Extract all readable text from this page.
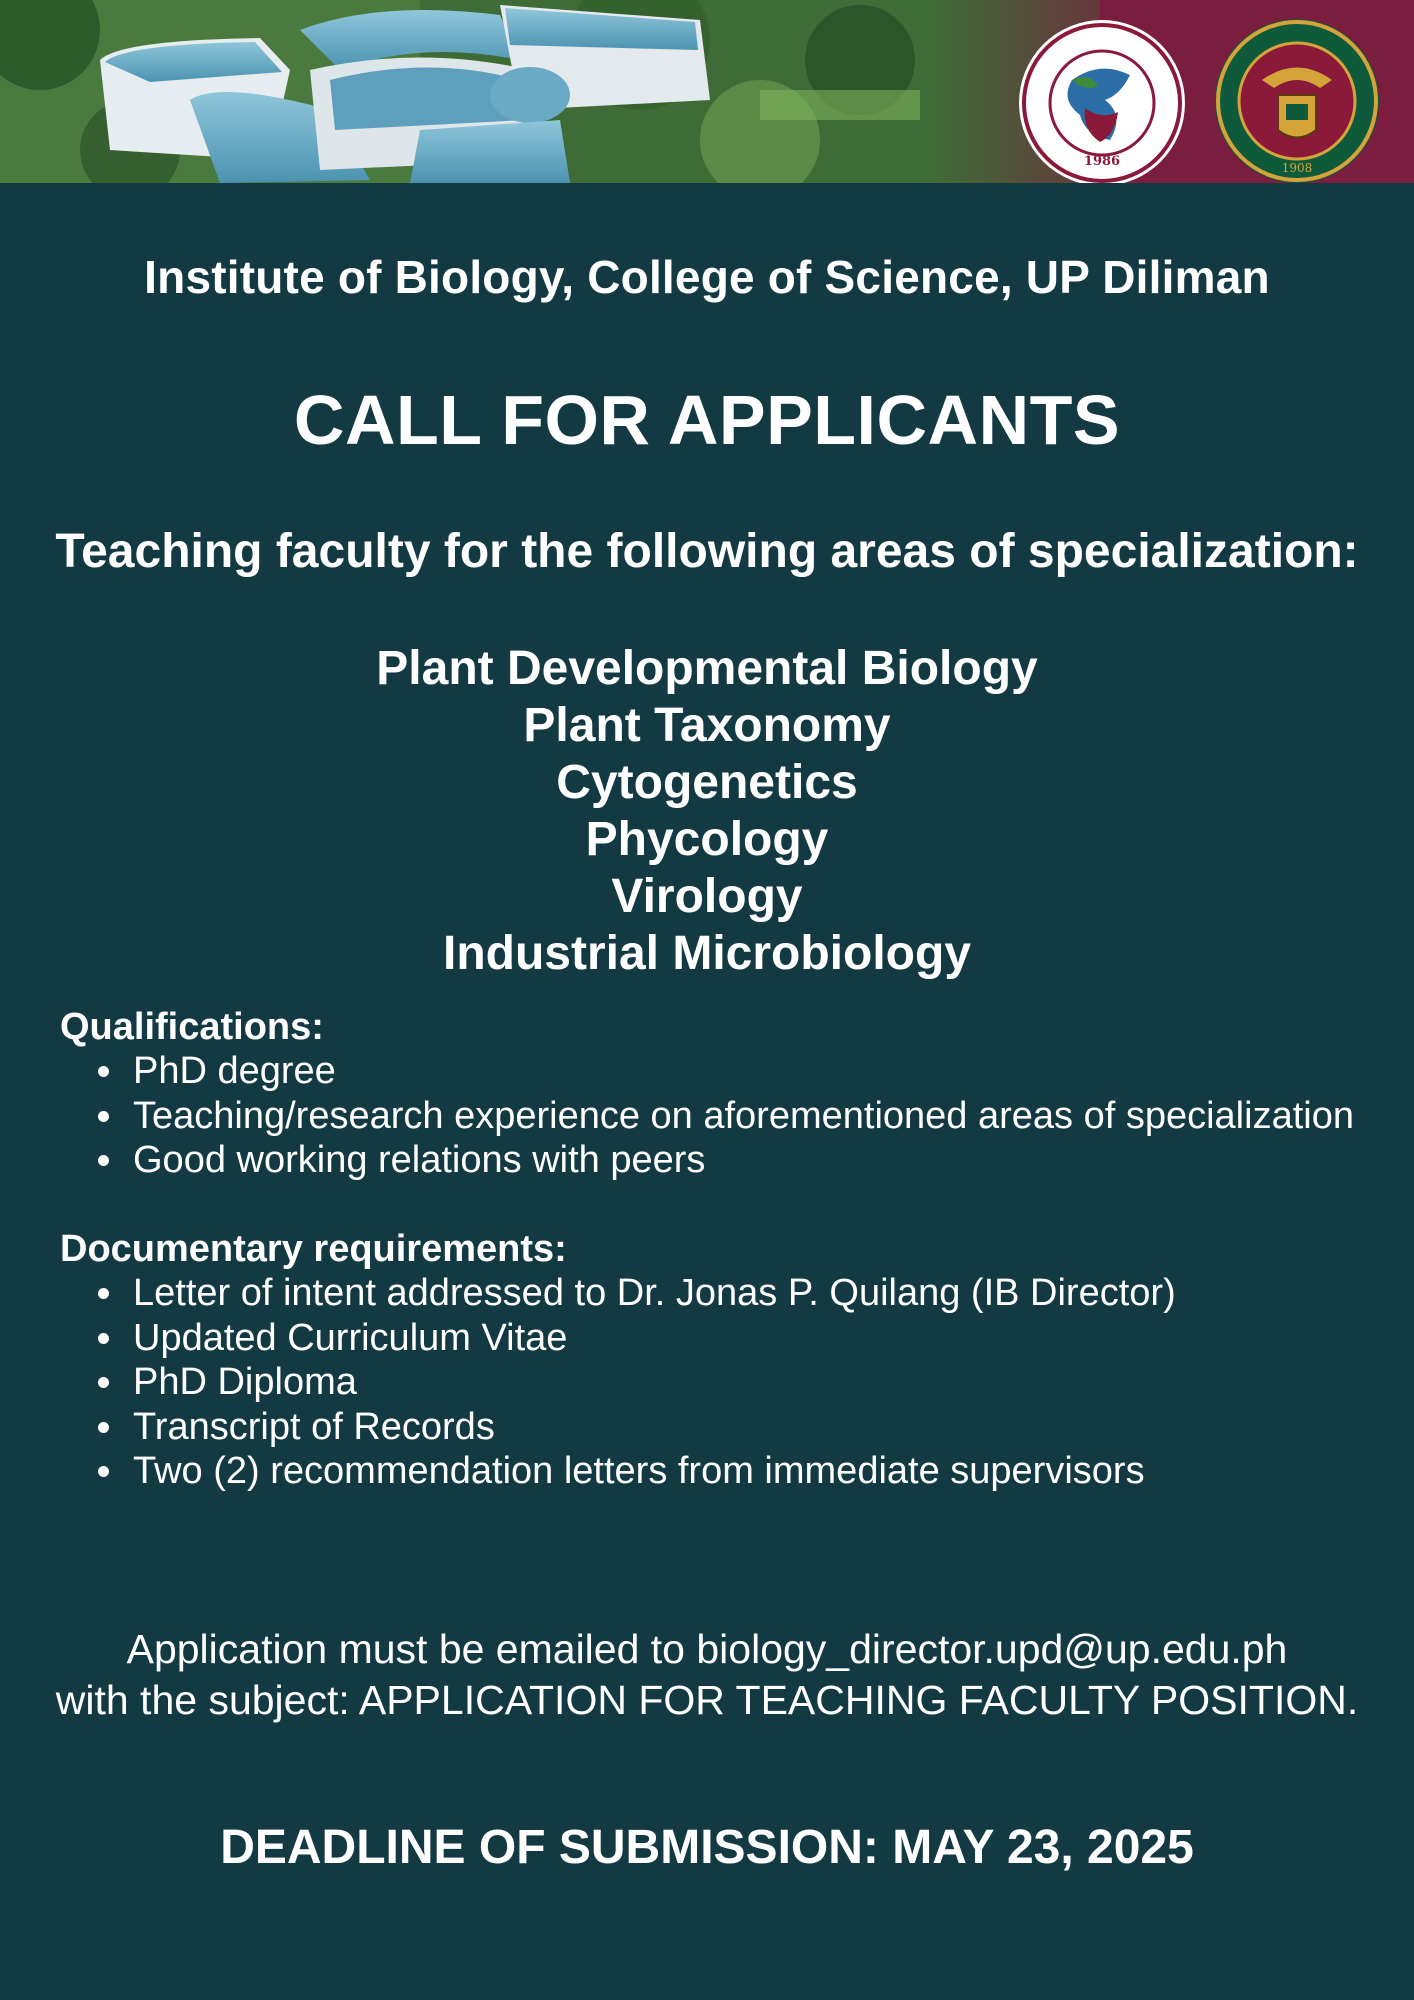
1986	1908
Institute of Biology, College of Science, UP Diliman
CALL FOR APPLICANTS
Teaching faculty for the following areas of specialization:
Plant Developmental Biology
Plant Taxonomy
Cytogenetics
Phycology
Virology
Industrial Microbiology
Qualifications:
PhD degree
Teaching/research experience on aforementioned areas of specialization
Good working relations with peers
Documentary requirements:
Letter of intent addressed to Dr. Jonas P. Quilang (IB Director)
Updated Curriculum Vitae
PhD Diploma
Transcript of Records
Two (2) recommendation letters from immediate supervisors
Application must be emailed to biology_director.upd@up.edu.ph
with the subject: APPLICATION FOR TEACHING FACULTY POSITION.
DEADLINE OF SUBMISSION: MAY 23, 2025
